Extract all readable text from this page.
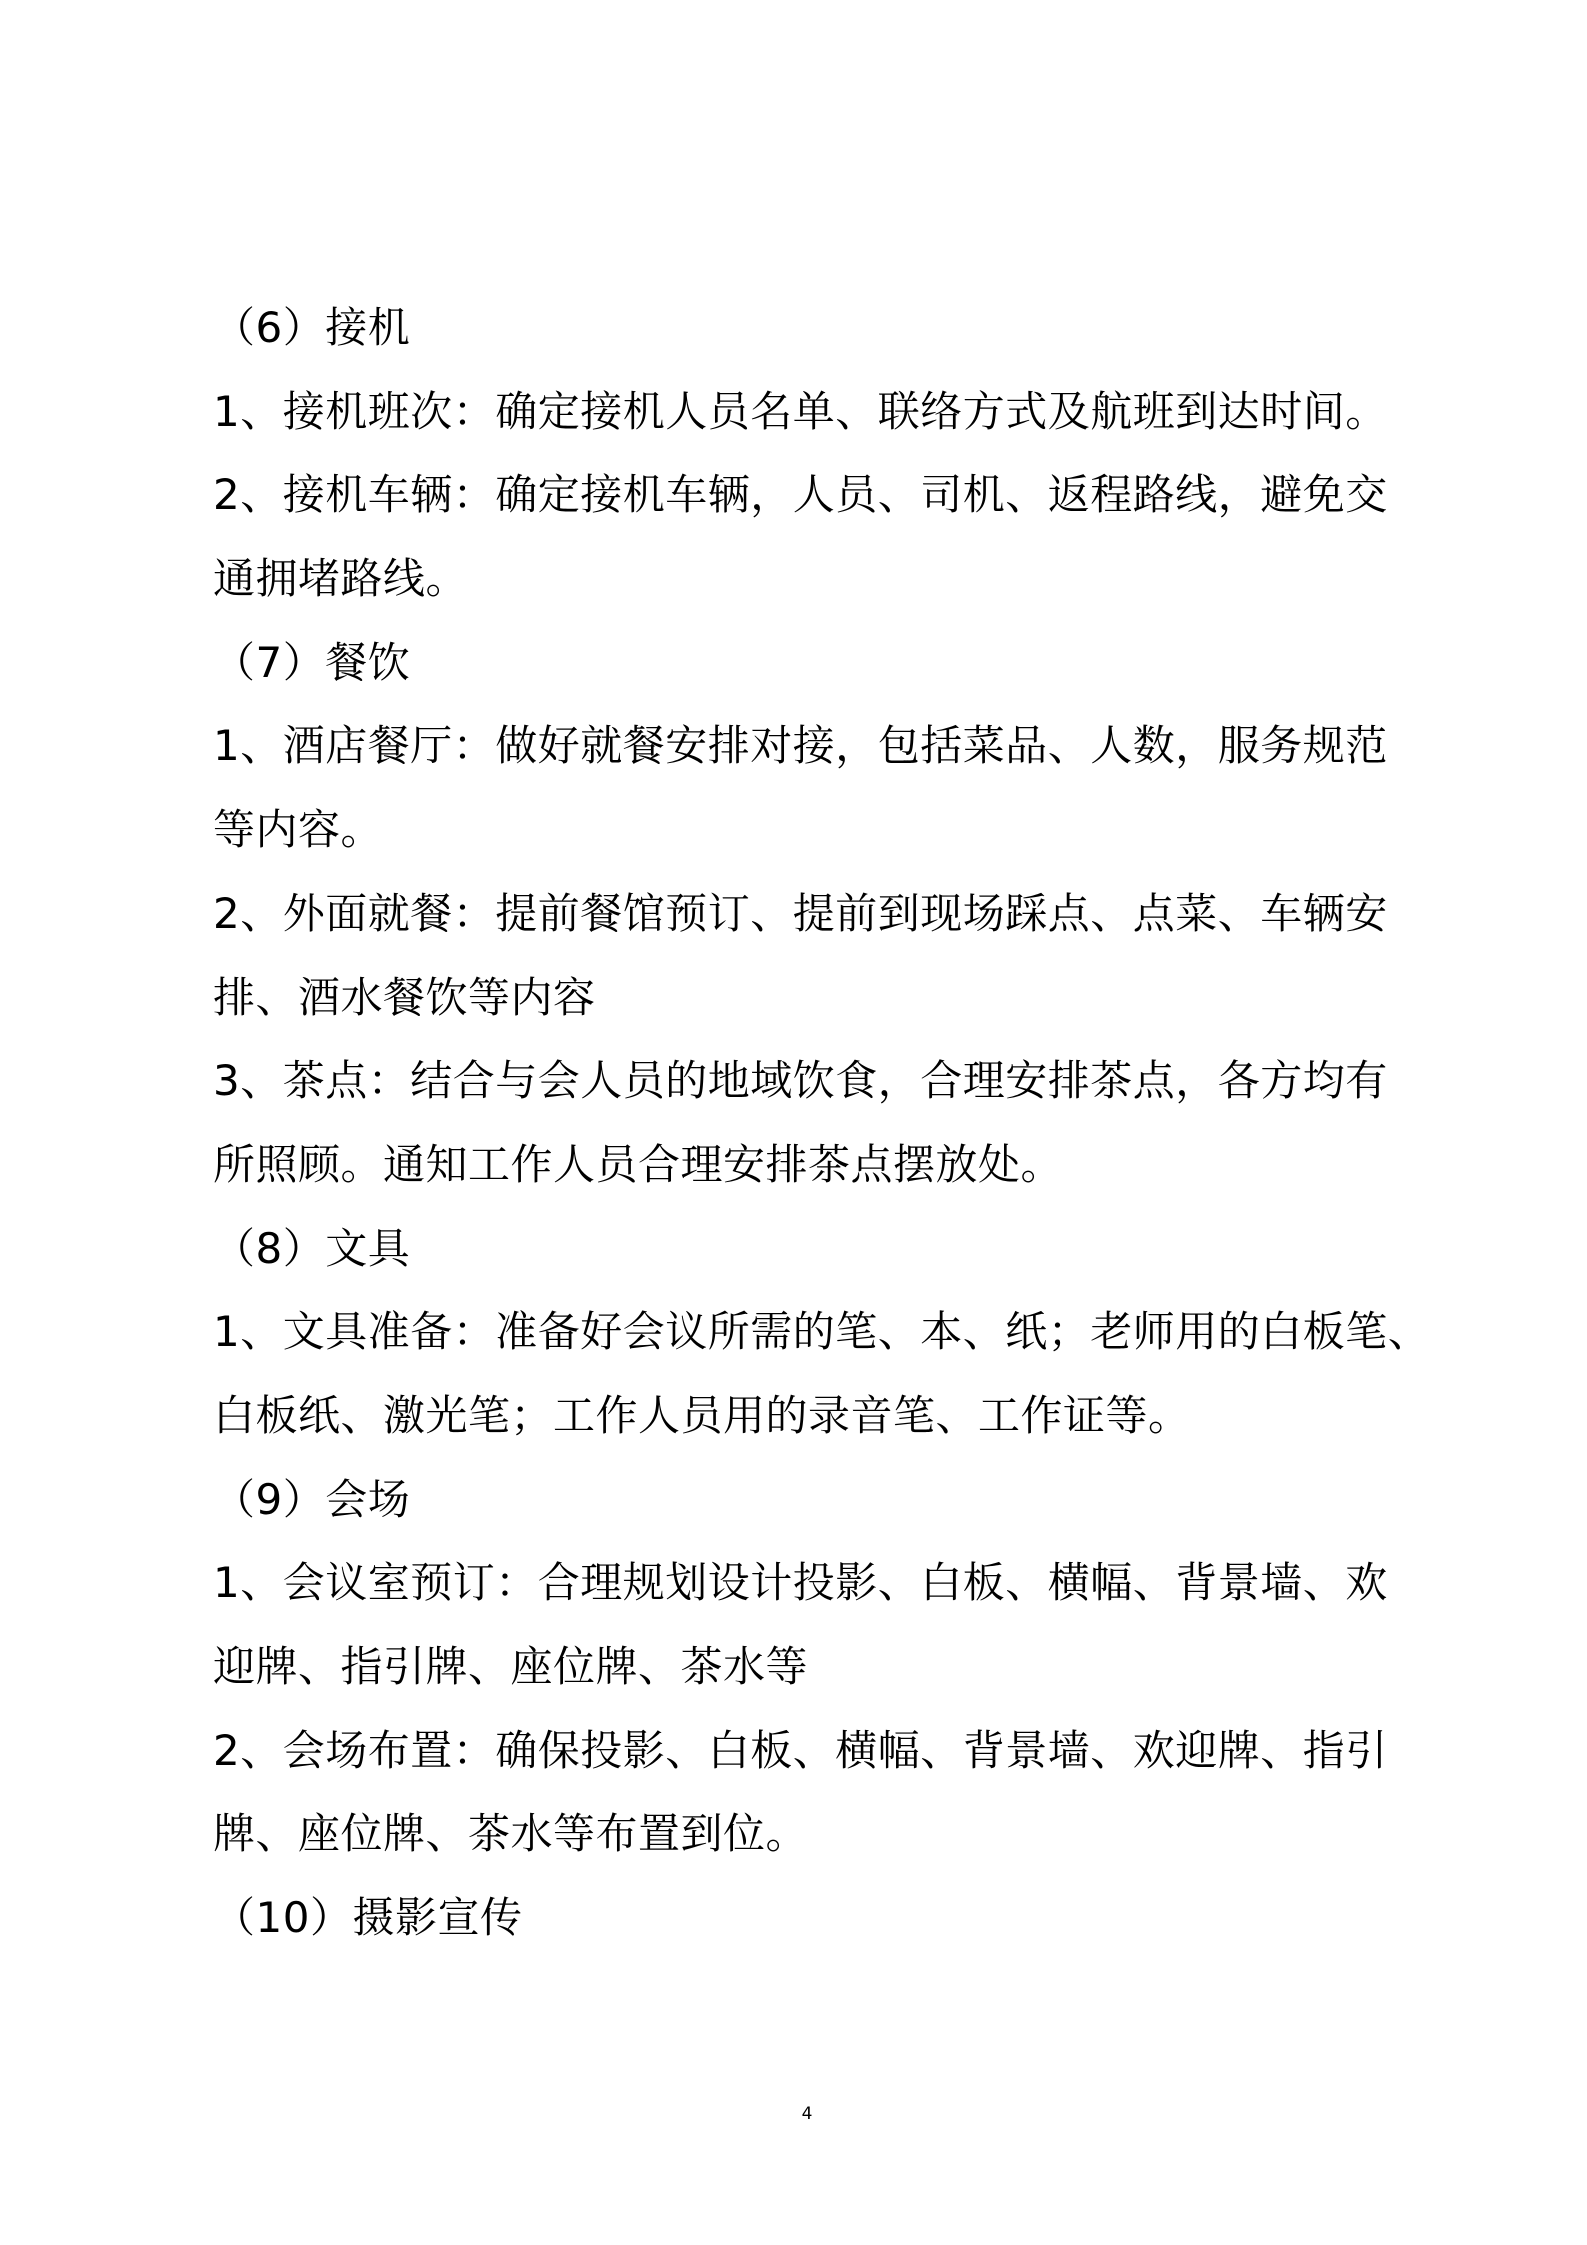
（6）接机
1、接机班次：确定接机人员名单、联络方式及航班到达时间。
2、接机车辆：确定接机车辆，人员、司机、返程路线，避免交
通拥堵路线。
（7）餐饮
1、酒店餐厅：做好就餐安排对接，包括菜品、人数，服务规范
等内容。
2、外面就餐：提前餐馆预订、提前到现场踩点、点菜、车辆安
排、酒水餐饮等内容
3、茶点：结合与会人员的地域饮食，合理安排茶点，各方均有
所照顾。通知工作人员合理安排茶点摆放处。
（8）文具
1、文具准备：准备好会议所需的笔、本、纸；老师用的白板笔、
白板纸、激光笔；工作人员用的录音笔、工作证等。
（9）会场
1、会议室预订：合理规划设计投影、白板、横幅、背景墙、欢
迎牌、指引牌、座位牌、茶水等
2、会场布置：确保投影、白板、横幅、背景墙、欢迎牌、指引
牌、座位牌、茶水等布置到位。
（10）摄影宣传
4
